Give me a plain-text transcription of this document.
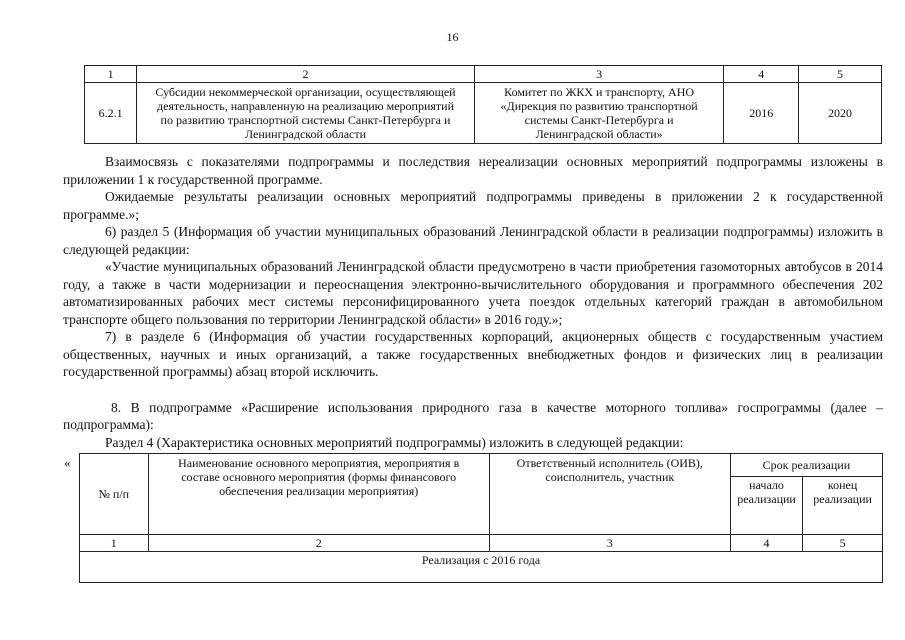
16
1	2	3	4	5
6.2.1	Субсидии некоммерческой организации, осуществляющей деятельность, направленную на реализацию мероприятий по развитию транспортной системы Санкт-Петербурга и Ленинградской области	Комитет по ЖКХ и транспорту, АНО «Дирекция по развитию транспортной системы Санкт-Петербурга и Ленинградской области»	2016	2020

Взаимосвязь с показателями подпрограммы и последствия нереализации основных мероприятий подпрограммы изложены в приложении 1 к государственной программе.

Ожидаемые результаты реализации основных мероприятий подпрограммы приведены в приложении 2 к государственной программе.»;

6) раздел 5 (Информация об участии муниципальных образований Ленинградской области в реализации подпрограммы) изложить в следующей редакции:

«Участие муниципальных образований Ленинградской области предусмотрено в части приобретения газомоторных автобусов в 2014 году, а также в части модернизации и переоснащения электронно-вычислительного оборудования и программного обеспечения 202 автоматизированных рабочих мест системы персонифицированного учета поездок отдельных категорий граждан в автомобильном транспорте общего пользования по территории Ленинградской области» в 2016 году.»;

7) в разделе 6 (Информация об участии государственных корпораций, акционерных обществ с государственным участием общественных, научных и иных организаций, а также государственных внебюджетных фондов и физических лиц в реализации государственной программы) абзац второй исключить.

8. В подпрограмме «Расширение использования природного газа в качестве моторного топлива» госпрограммы (далее – подпрограмма):

Раздел 4 (Характеристика основных мероприятий подпрограммы) изложить в следующей редакции:

«
№ п/п	Наименование основного мероприятия, мероприятия в составе основного мероприятия (формы финансового обеспечения реализации мероприятия)	Ответственный исполнитель (ОИВ), соисполнитель, участник	Срок реализации	
			начало реализации	конец реализации
1	2	3	4	5
Реализация с 2016 года				
